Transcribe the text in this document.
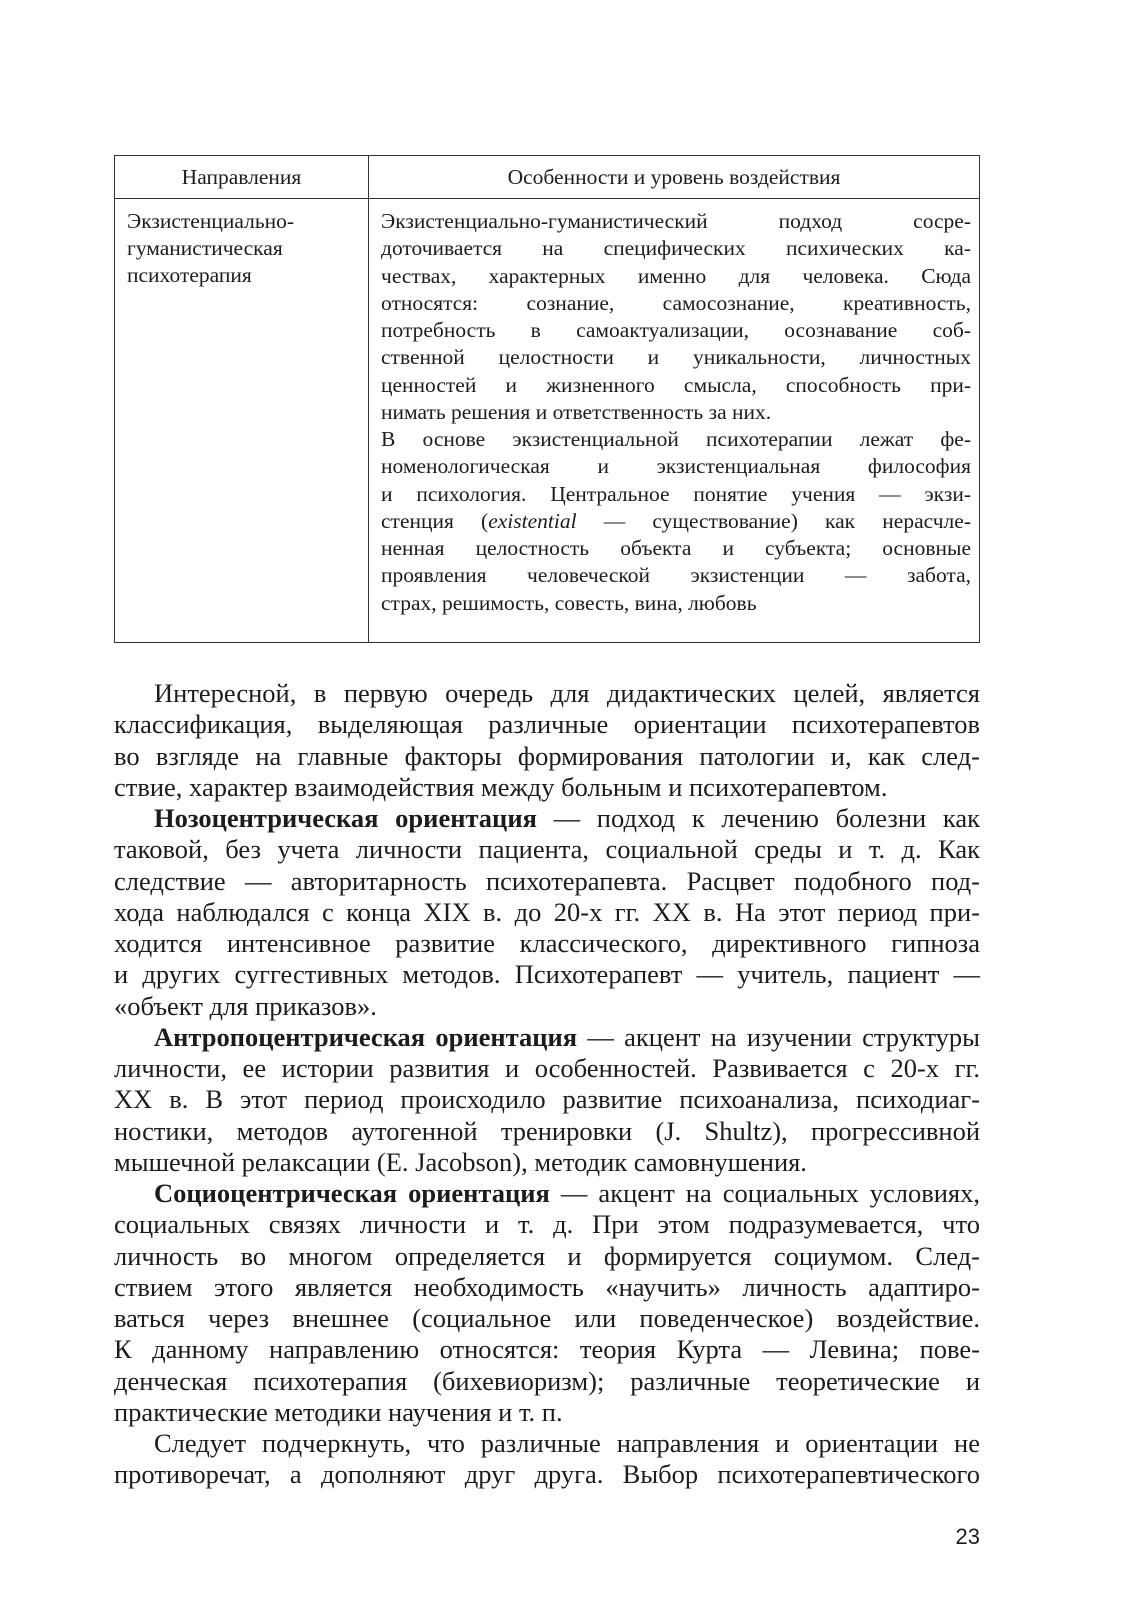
Направления	Особенности и уровень воздействия
Экзистенциально-
гуманистическая
психотерапия
Экзистенциально-гуманистический подход сосре-
доточивается на специфических психических ка-
чествах, характерных именно для человека. Сюда
относятся: сознание, самосознание, креативность,
потребность в самоактуализации, осознавание соб-
ственной целостности и уникальности, личностных
ценностей и жизненного смысла, способность при-
нимать решения и ответственность за них.
В основе экзистенциальной психотерапии лежат фе-
номенологическая и экзистенциальная философия
и психология. Центральное понятие учения — экзи-
стенция (existential — существование) как нерасчле-
ненная целостность объекта и субъекта; основные
проявления человеческой экзистенции — забота,
страх, решимость, совесть, вина, любовь
Интересной, в первую очередь для дидактических целей, является
классификация, выделяющая различные ориентации психотерапевтов
во взгляде на главные факторы формирования патологии и, как след-
ствие, характер взаимодействия между больным и психотерапевтом.
Нозоцентрическая ориентация — подход к лечению болезни как
таковой, без учета личности пациента, социальной среды и т. д. Как
следствие — авторитарность психотерапевта. Расцвет подобного под-
хода наблюдался с конца XIX в. до 20-х гг. XX в. На этот период при-
ходится интенсивное развитие классического, директивного гипноза
и других суггестивных методов. Психотерапевт — учитель, пациент —
«объект для приказов».
Антропоцентрическая ориентация — акцент на изучении структуры
личности, ее истории развития и особенностей. Развивается с 20-х гг.
XX в. В этот период происходило развитие психоанализа, психодиаг-
ностики, методов аутогенной тренировки (J. Shultz), прогрессивной
мышечной релаксации (E. Jacobson), методик самовнушения.
Социоцентрическая ориентация — акцент на социальных условиях,
социальных связях личности и т. д. При этом подразумевается, что
личность во многом определяется и формируется социумом. След-
ствием этого является необходимость «научить» личность адаптиро-
ваться через внешнее (социальное или поведенческое) воздействие.
К данному направлению относятся: теория Курта — Левина; пове-
денческая психотерапия (бихевиоризм); различные теоретические и
практические методики научения и т. п.
Следует подчеркнуть, что различные направления и ориентации не
противоречат, а дополняют друг друга. Выбор психотерапевтического
23
